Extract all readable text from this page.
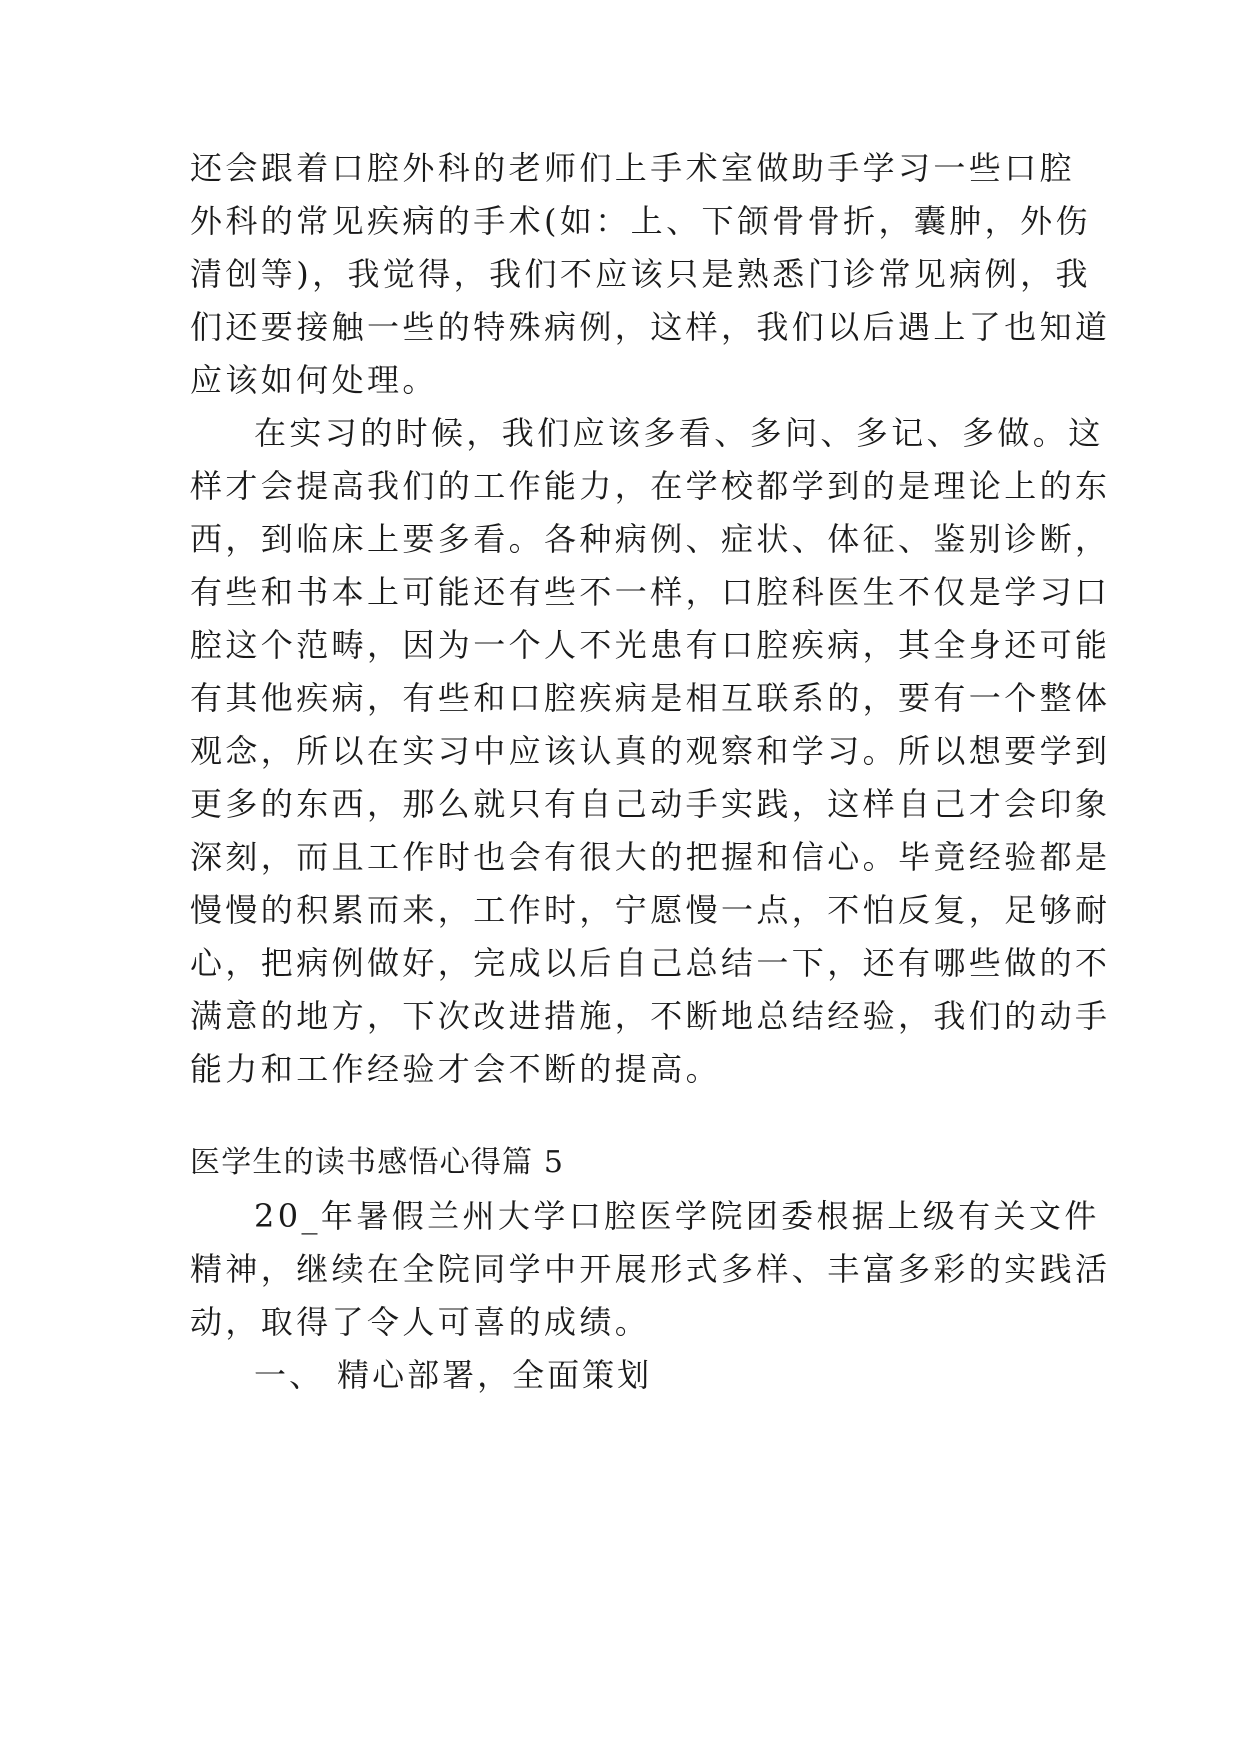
还会跟着口腔外科的老师们上手术室做助手学习一些口腔
外科的常见疾病的手术(如：上、下颌骨骨折，囊肿，外伤
清创等)，我觉得，我们不应该只是熟悉门诊常见病例，我
们还要接触一些的特殊病例，这样，我们以后遇上了也知道
应该如何处理。
在实习的时候，我们应该多看、多问、多记、多做。这
样才会提高我们的工作能力，在学校都学到的是理论上的东
西，到临床上要多看。各种病例、症状、体征、鉴别诊断，
有些和书本上可能还有些不一样，口腔科医生不仅是学习口
腔这个范畴，因为一个人不光患有口腔疾病，其全身还可能
有其他疾病，有些和口腔疾病是相互联系的，要有一个整体
观念，所以在实习中应该认真的观察和学习。所以想要学到
更多的东西，那么就只有自己动手实践，这样自己才会印象
深刻，而且工作时也会有很大的把握和信心。毕竟经验都是
慢慢的积累而来，工作时，宁愿慢一点，不怕反复，足够耐
心，把病例做好，完成以后自己总结一下，还有哪些做的不
满意的地方，下次改进措施，不断地总结经验，我们的动手
能力和工作经验才会不断的提高。
医学生的读书感悟心得篇 5
20_年暑假兰州大学口腔医学院团委根据上级有关文件
精神，继续在全院同学中开展形式多样、丰富多彩的实践活
动，取得了令人可喜的成绩。
一、 精心部署，全面策划
